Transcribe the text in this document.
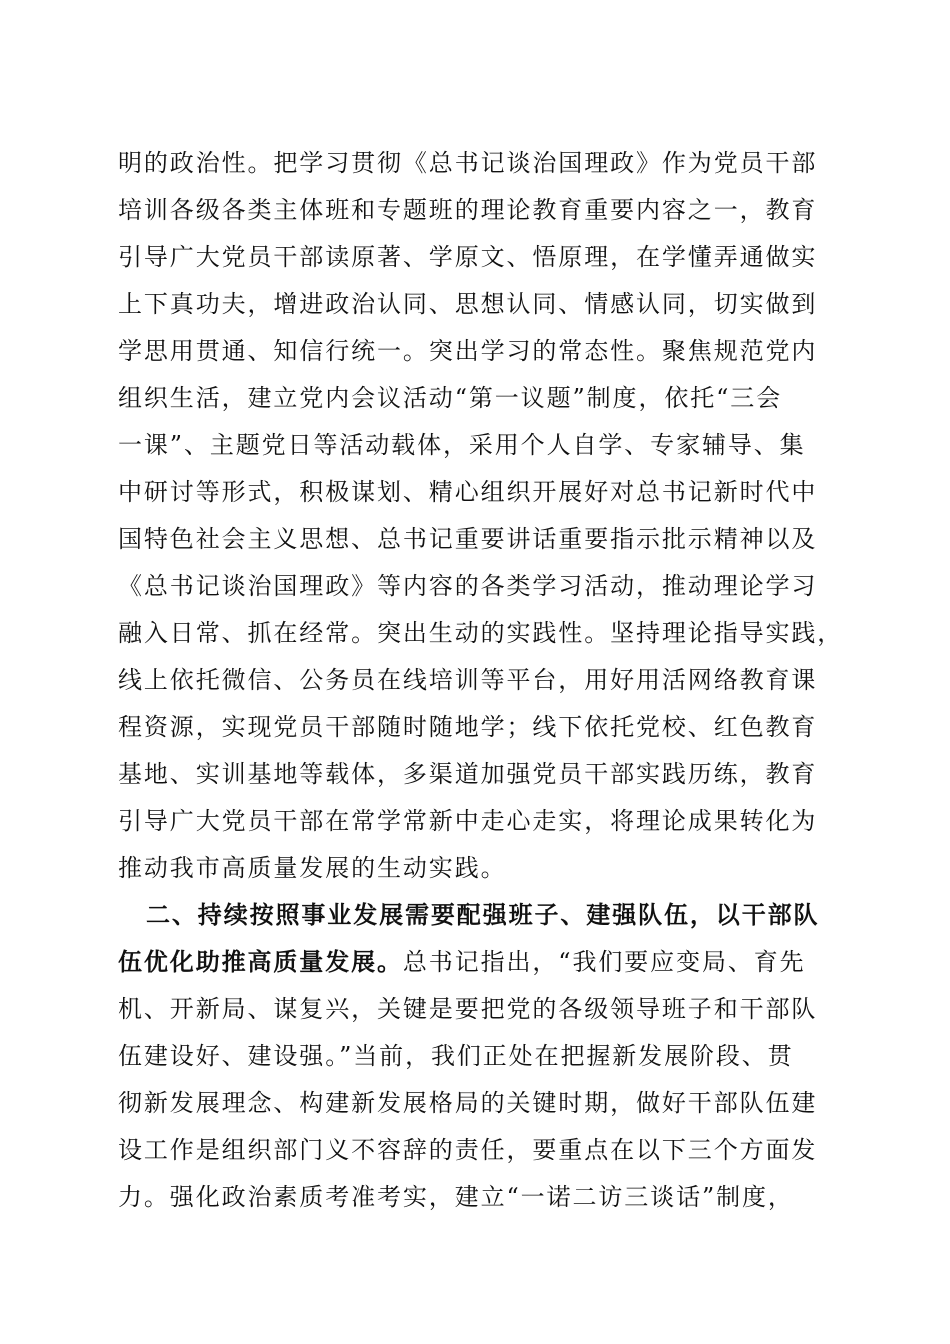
明的政治性。把学习贯彻《总书记谈治国理政》作为党员干部
培训各级各类主体班和专题班的理论教育重要内容之一，教育
引导广大党员干部读原著、学原文、悟原理，在学懂弄通做实
上下真功夫，增进政治认同、思想认同、情感认同，切实做到
学思用贯通、知信行统一。突出学习的常态性。聚焦规范党内
组织生活，建立党内会议活动“第一议题”制度，依托“三会
一课”、主题党日等活动载体，采用个人自学、专家辅导、集
中研讨等形式，积极谋划、精心组织开展好对总书记新时代中
国特色社会主义思想、总书记重要讲话重要指示批示精神以及
《总书记谈治国理政》等内容的各类学习活动，推动理论学习
融入日常、抓在经常。突出生动的实践性。坚持理论指导实践，
线上依托微信、公务员在线培训等平台，用好用活网络教育课
程资源，实现党员干部随时随地学；线下依托党校、红色教育
基地、实训基地等载体，多渠道加强党员干部实践历练，教育
引导广大党员干部在常学常新中走心走实，将理论成果转化为
推动我市高质量发展的生动实践。
二、持续按照事业发展需要配强班子、建强队伍，以干部队
伍优化助推高质量发展。总书记指出，“我们要应变局、育先
机、开新局、谋复兴，关键是要把党的各级领导班子和干部队
伍建设好、建设强。”当前，我们正处在把握新发展阶段、贯
彻新发展理念、构建新发展格局的关键时期，做好干部队伍建
设工作是组织部门义不容辞的责任，要重点在以下三个方面发
力。强化政治素质考准考实，建立“一诺二访三谈话”制度，
